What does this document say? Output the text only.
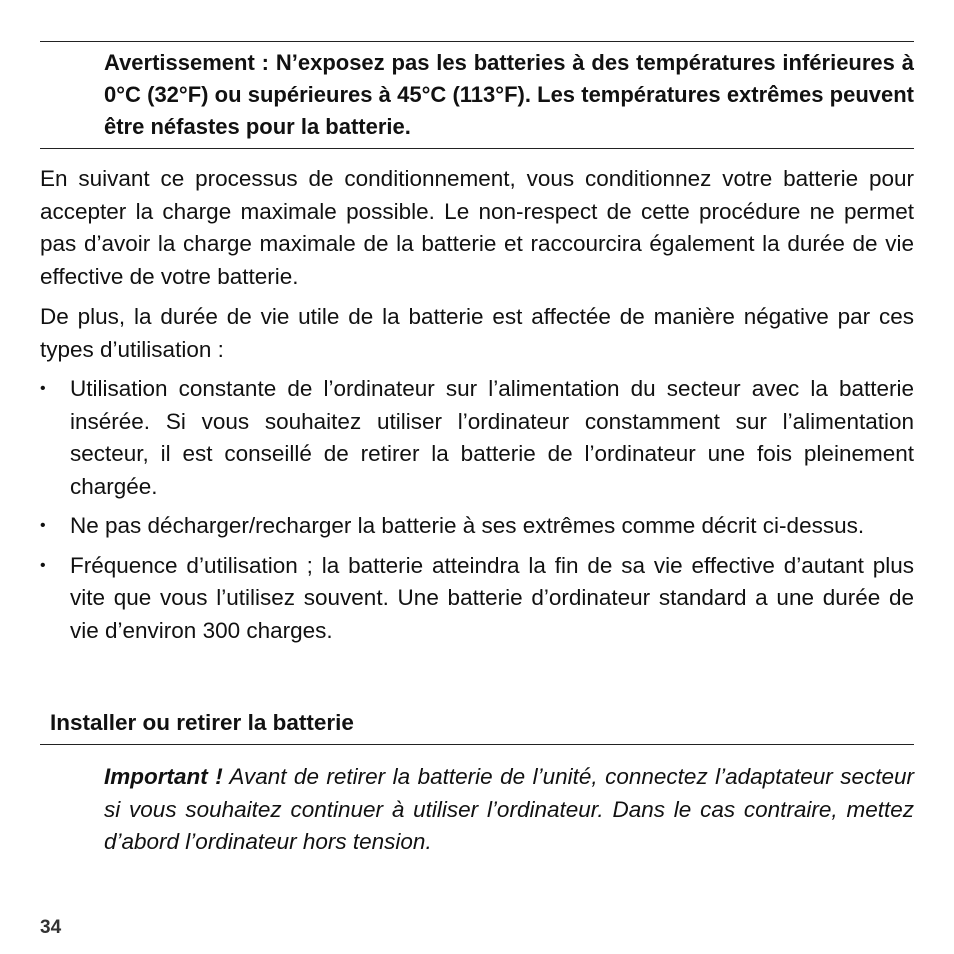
Avertissement : N’exposez pas les batteries à des températures inférieures à 0°C (32°F) ou supérieures à 45°C (113°F). Les températures extrêmes peuvent être néfastes pour la batterie.

En suivant ce processus de conditionnement, vous conditionnez votre batterie pour accepter la charge maximale possible. Le non-respect de cette procédure ne permet pas d’avoir la charge maximale de la batterie et raccourcira également la durée de vie effective de votre batterie.

De plus, la durée de vie utile de la batterie est affectée de manière négative par ces types d’utilisation :

•	Utilisation constante de l’ordinateur sur l’alimentation du secteur avec la batterie insérée. Si vous souhaitez utiliser l’ordinateur constamment sur l’alimentation secteur, il est conseillé de retirer la batterie de l’ordinateur une fois pleinement chargée.
•	Ne pas décharger/recharger la batterie à ses extrêmes comme décrit ci-dessus.
•	Fréquence d’utilisation ; la batterie atteindra la fin de sa vie effective d’autant plus vite que vous l’utilisez souvent. Une batterie d’ordinateur standard a une durée de vie d’environ 300 charges.
Installer ou retirer la batterie

Important ! Avant de retirer la batterie de l’unité, connectez l’adaptateur secteur si vous souhaitez continuer à utiliser l’ordinateur. Dans le cas contraire, mettez d’abord l’ordinateur hors tension.

34
